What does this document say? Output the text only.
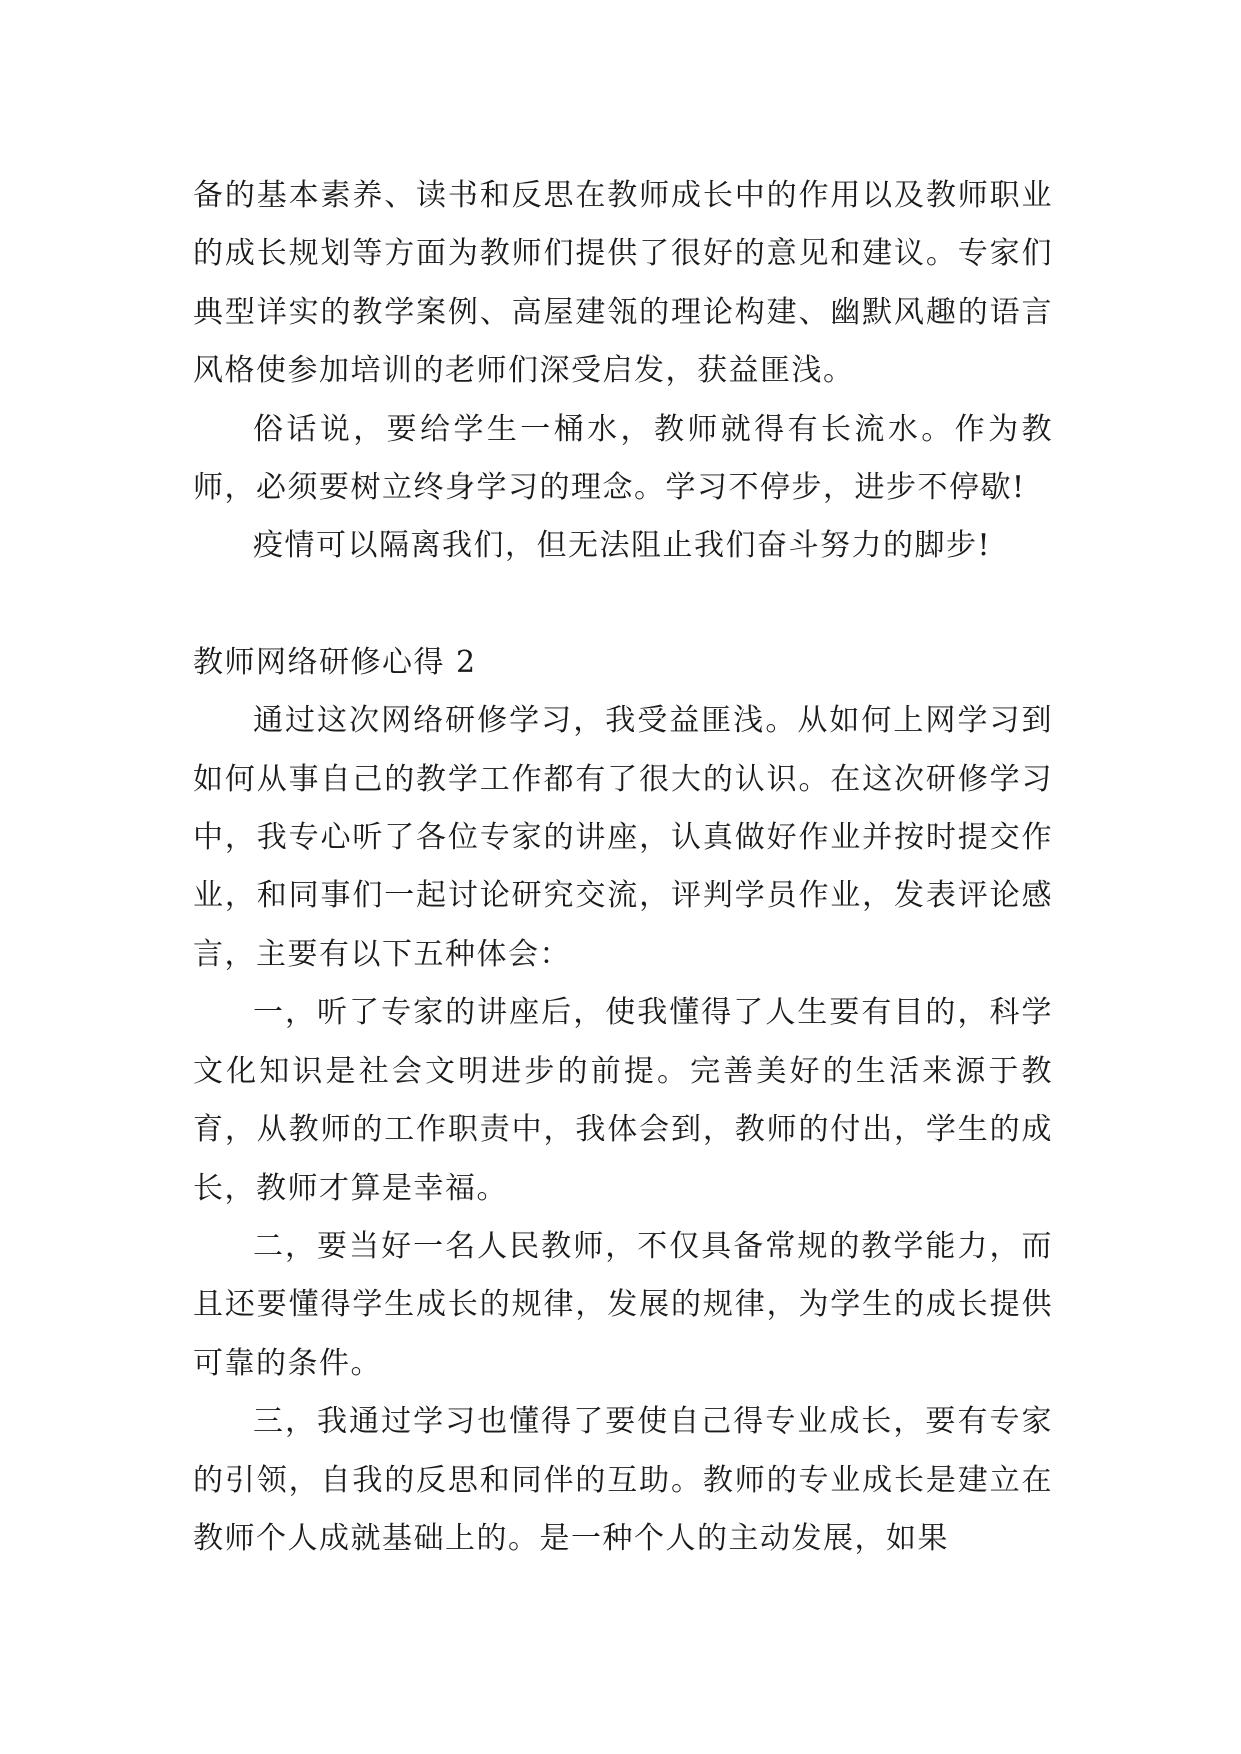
备的基本素养、读书和反思在教师成长中的作用以及教师职业的成长规划等方面为教师们提供了很好的意见和建议。专家们典型详实的教学案例、高屋建瓴的理论构建、幽默风趣的语言风格使参加培训的老师们深受启发，获益匪浅。

俗话说，要给学生一桶水，教师就得有长流水。作为教师，必须要树立终身学习的理念。学习不停步，进步不停歇!

疫情可以隔离我们，但无法阻止我们奋斗努力的脚步!

教师网络研修心得 2

通过这次网络研修学习，我受益匪浅。从如何上网学习到如何从事自己的教学工作都有了很大的认识。在这次研修学习中，我专心听了各位专家的讲座，认真做好作业并按时提交作业，和同事们一起讨论研究交流，评判学员作业，发表评论感言，主要有以下五种体会：

一，听了专家的讲座后，使我懂得了人生要有目的，科学文化知识是社会文明进步的前提。完善美好的生活来源于教育，从教师的工作职责中，我体会到，教师的付出，学生的成长，教师才算是幸福。

二，要当好一名人民教师，不仅具备常规的教学能力，而且还要懂得学生成长的规律，发展的规律，为学生的成长提供可靠的条件。

三，我通过学习也懂得了要使自己得专业成长，要有专家的引领，自我的反思和同伴的互助。教师的专业成长是建立在教师个人成就基础上的。是一种个人的主动发展，如果
